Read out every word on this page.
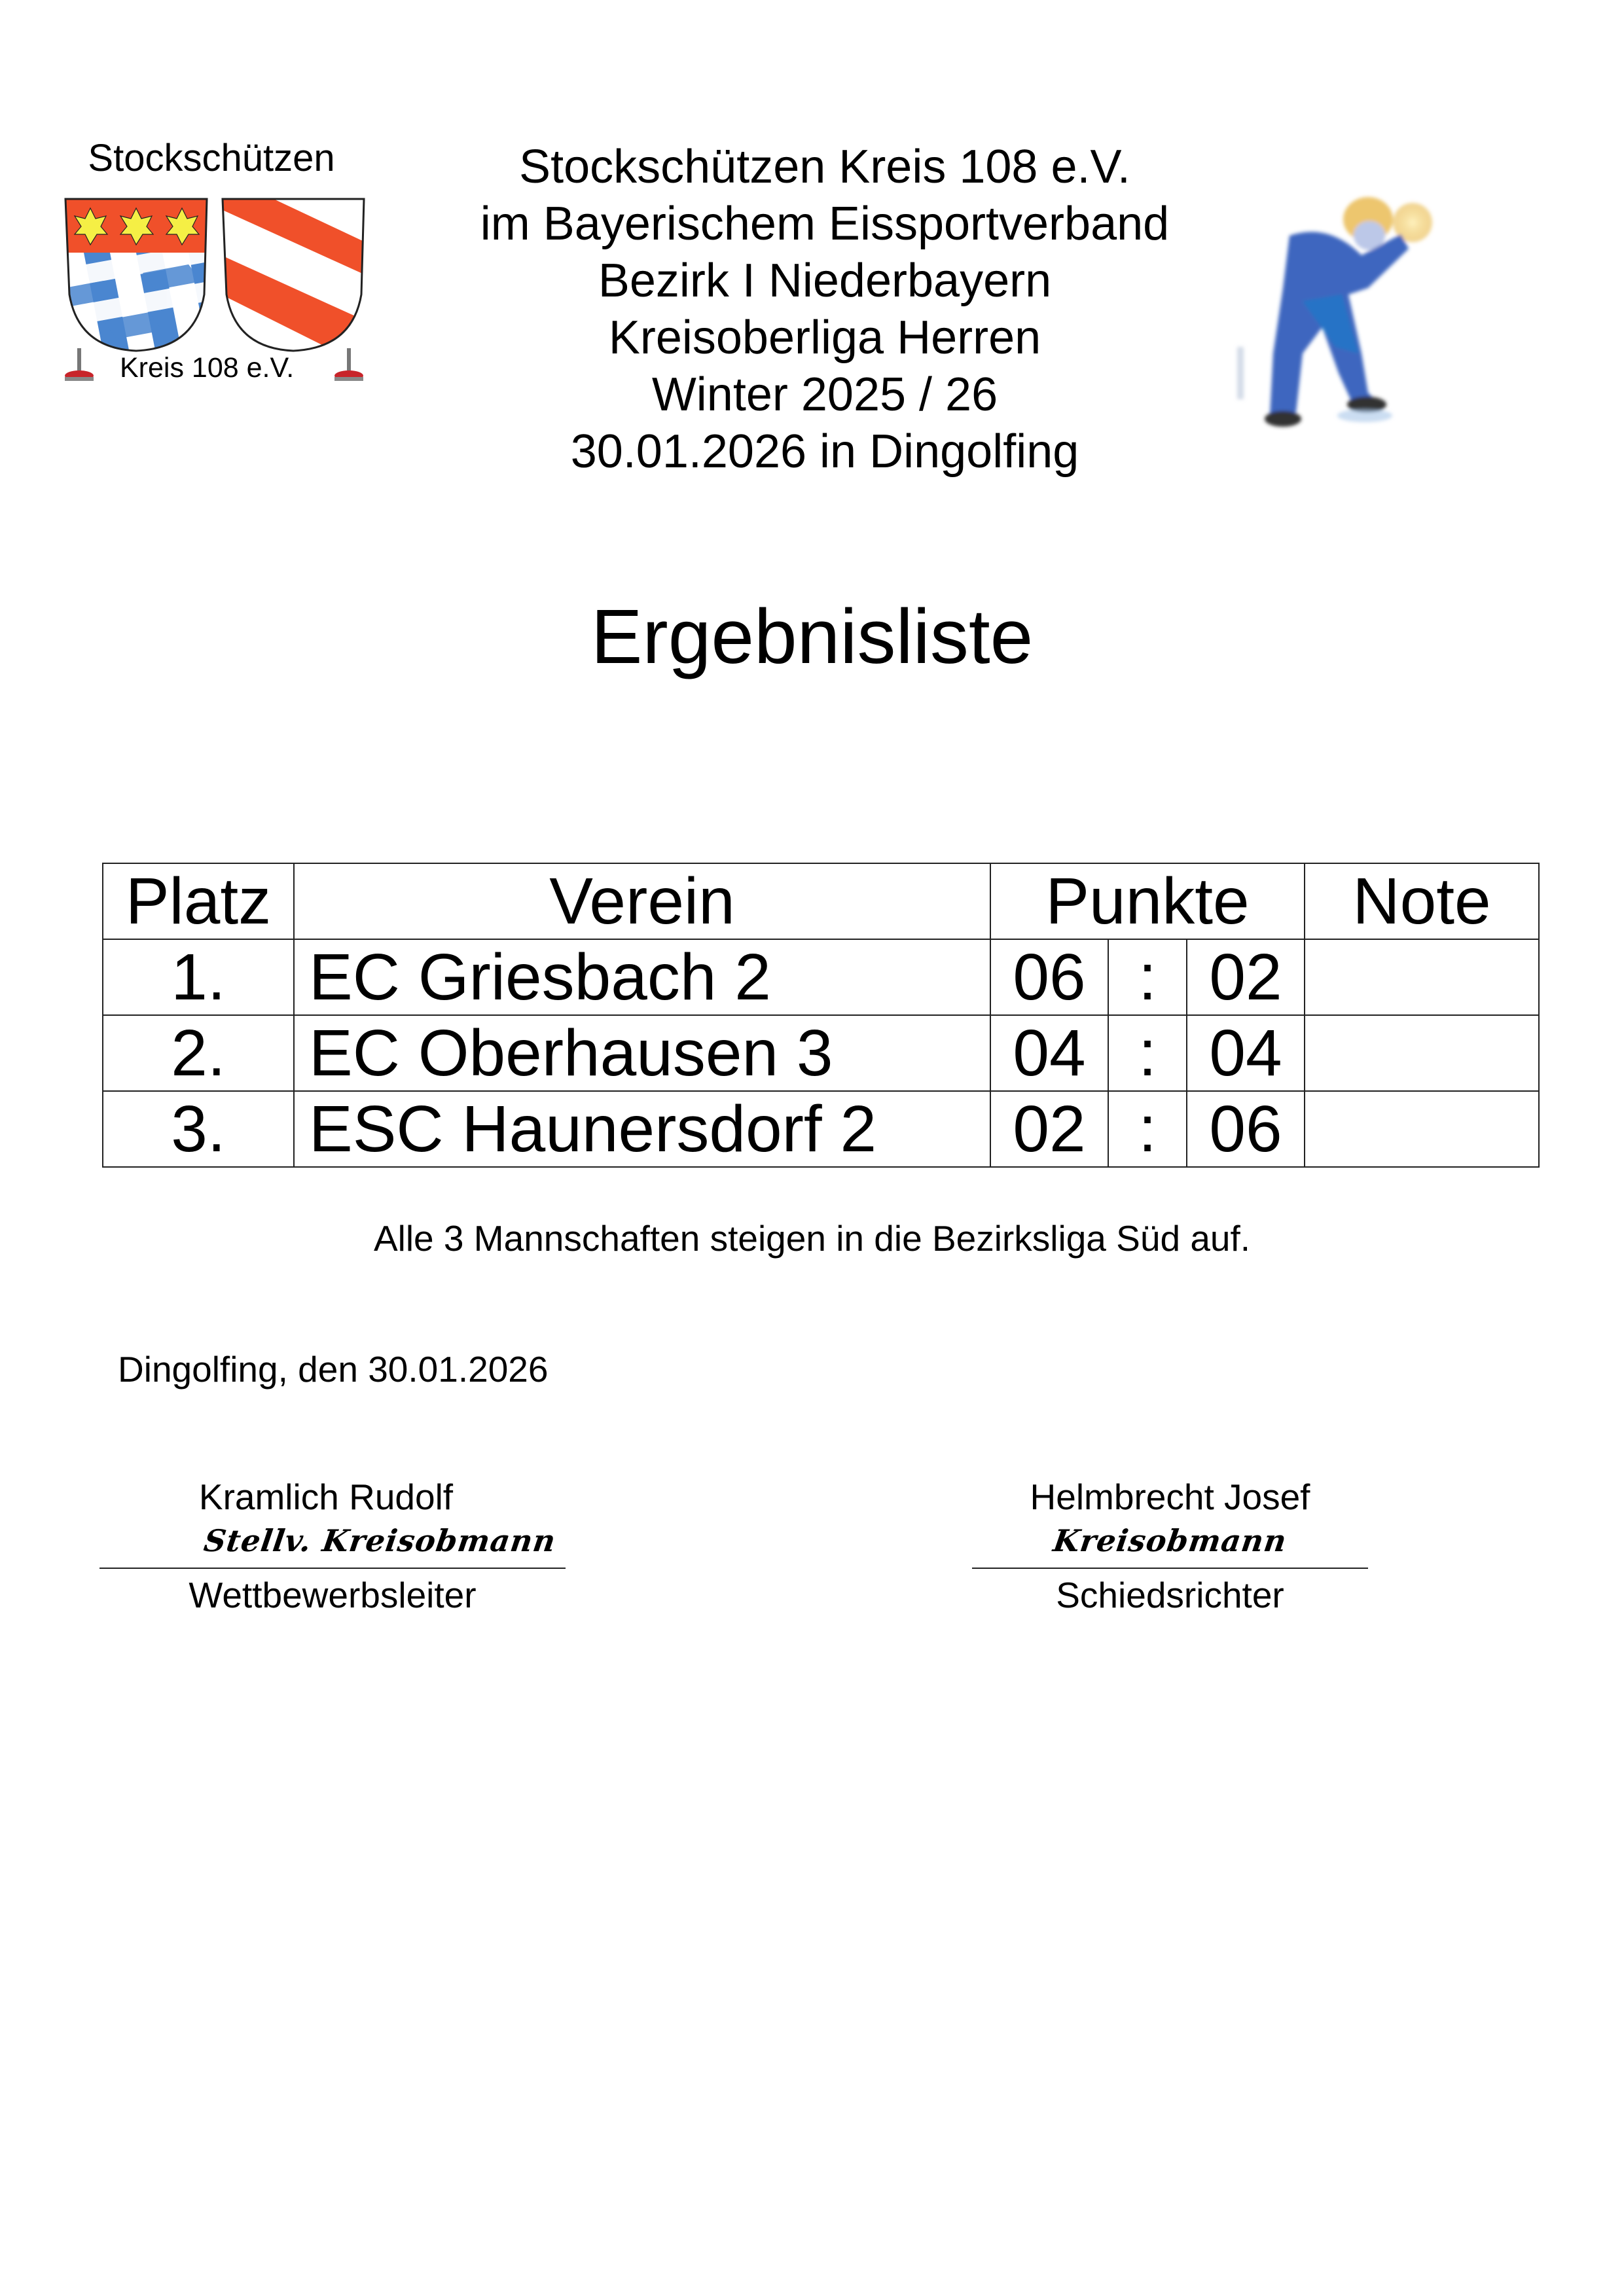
Stockschützen
Kreis 108 e.V.
Stockschützen Kreis 108 e.V.
im Bayerischem Eissportverband
Bezirk I Niederbayern
Kreisoberliga Herren
Winter 2025 / 26
30.01.2026 in Dingolfing
Ergebnisliste
Platz	Verein	Punkte			Note
1.	EC Griesbach 2	06	:	02	
2.	EC Oberhausen 3	04	:	04	
3.	ESC Haunersdorf 2	02	:	06	
Alle 3 Mannschaften steigen in die Bezirksliga Süd auf.
Dingolfing, den 30.01.2026
Kramlich Rudolf
Stellv. Kreisobmann
Wettbewerbsleiter
Helmbrecht Josef
Kreisobmann
Schiedsrichter
